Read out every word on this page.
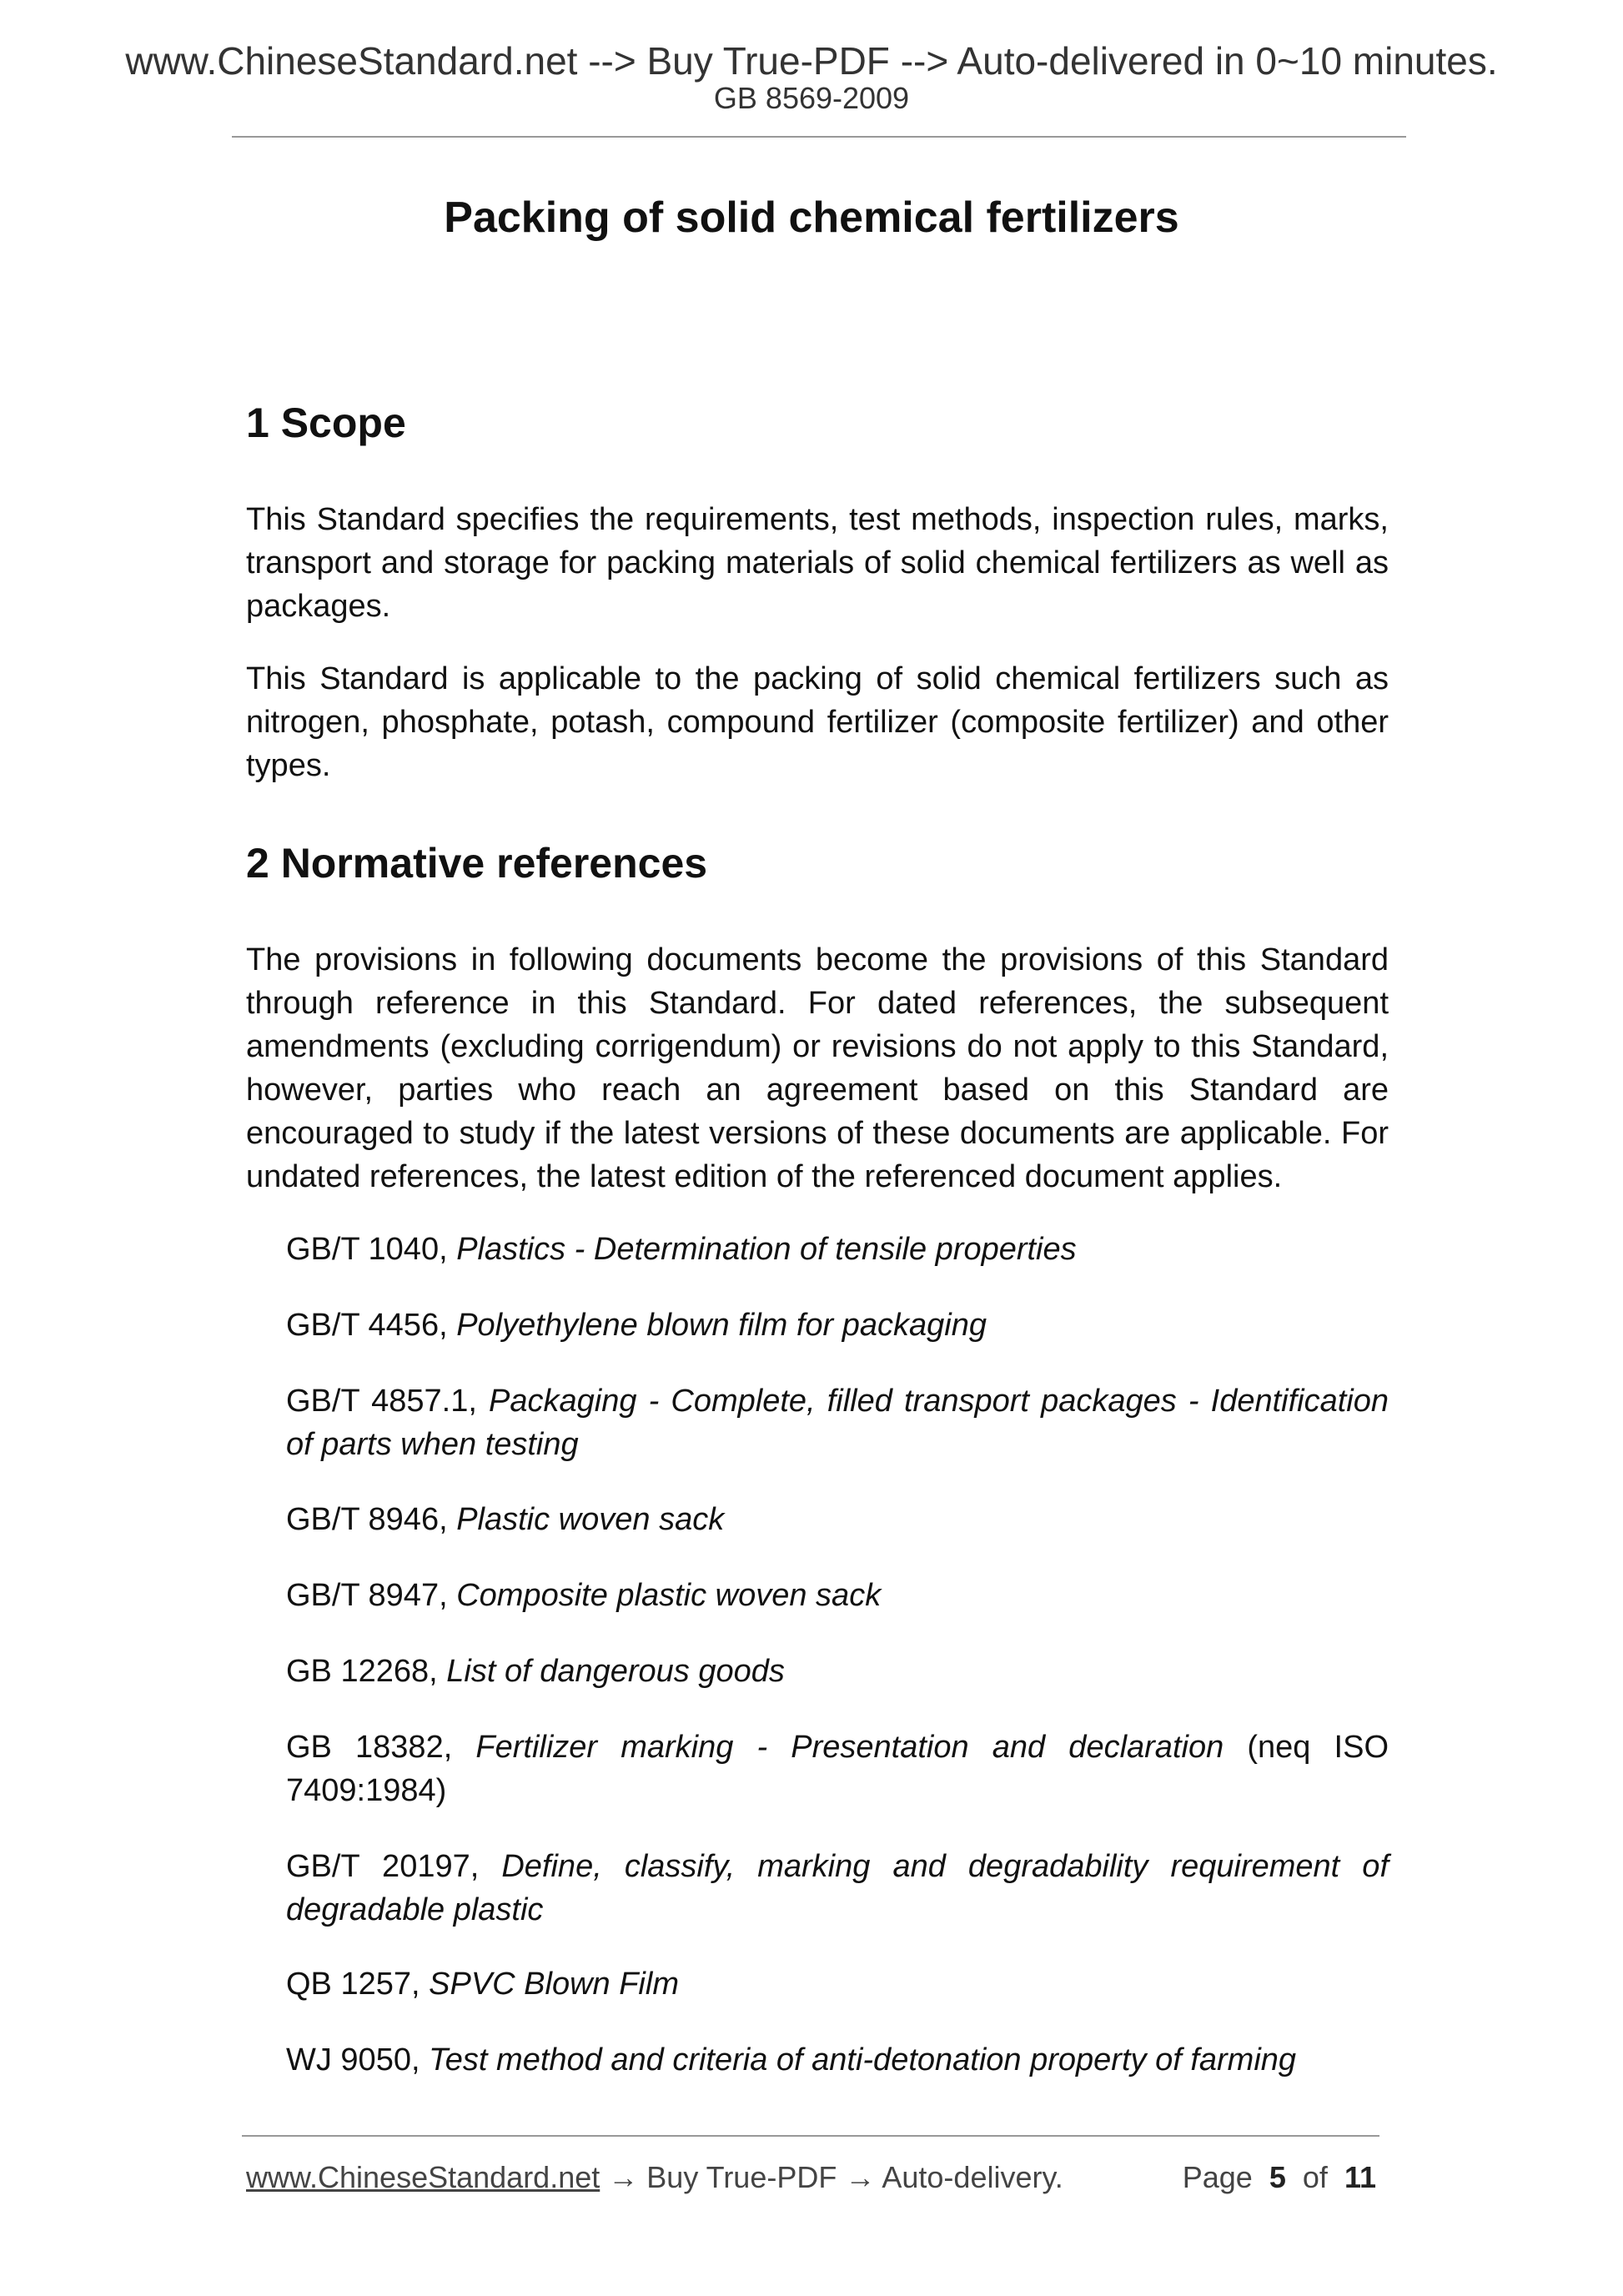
www.ChineseStandard.net --> Buy True-PDF --> Auto-delivered in 0~10 minutes.
GB 8569-2009
Packing of solid chemical fertilizers
1 Scope

This Standard specifies the requirements, test methods, inspection rules, marks, transport and storage for packing materials of solid chemical fertilizers as well as packages.

This Standard is applicable to the packing of solid chemical fertilizers such as nitrogen, phosphate, potash, compound fertilizer (composite fertilizer) and other types.

2 Normative references

The provisions in following documents become the provisions of this Standard through reference in this Standard. For dated references, the subsequent amendments (excluding corrigendum) or revisions do not apply to this Standard, however, parties who reach an agreement based on this Standard are encouraged to study if the latest versions of these documents are applicable. For undated references, the latest edition of the referenced document applies.

GB/T 1040, Plastics - Determination of tensile properties

GB/T 4456, Polyethylene blown film for packaging

GB/T 4857.1, Packaging - Complete, filled transport packages - Identification of parts when testing

GB/T 8946, Plastic woven sack

GB/T 8947, Composite plastic woven sack

GB 12268, List of dangerous goods

GB 18382, Fertilizer marking - Presentation and declaration (neq ISO 7409:1984)

GB/T 20197, Define, classify, marking and degradability requirement of degradable plastic

QB 1257, SPVC Blown Film

WJ 9050, Test method and criteria of anti-detonation property of farming

www.ChineseStandard.net → Buy True-PDF → Auto-delivery.	Page 5 of 11
